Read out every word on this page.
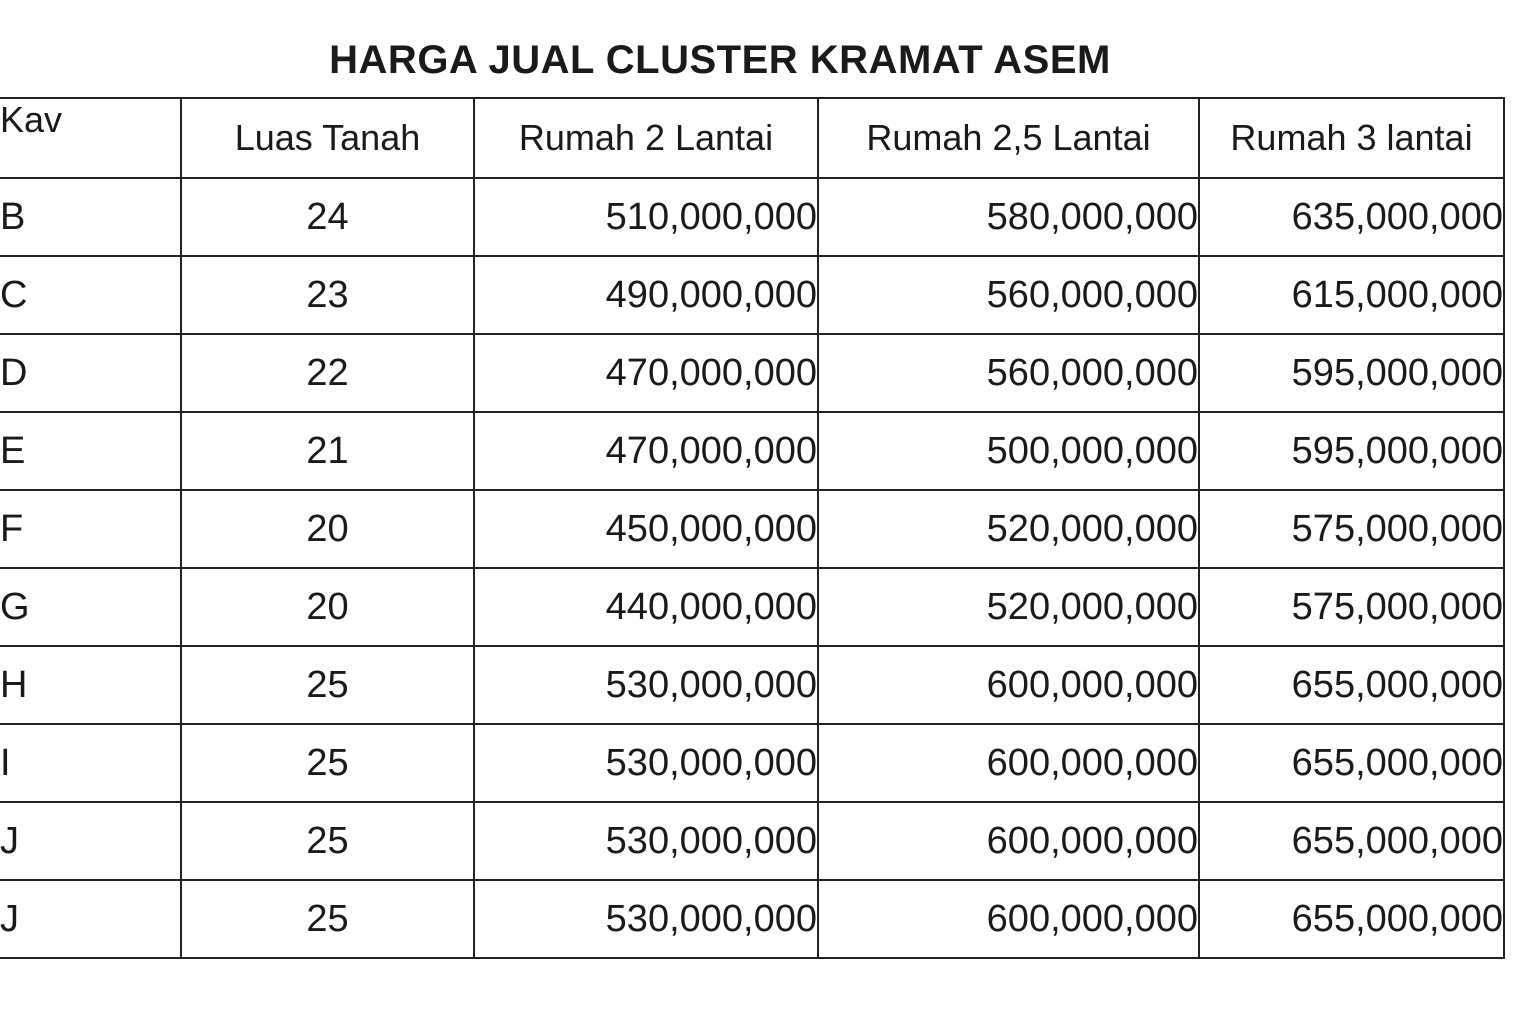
HARGA JUAL CLUSTER KRAMAT ASEM
Kav	Luas Tanah	Rumah 2 Lantai	Rumah 2,5 Lantai	Rumah 3 lantai
B	24	510,000,000	580,000,000	635,000,000
C	23	490,000,000	560,000,000	615,000,000
D	22	470,000,000	560,000,000	595,000,000
E	21	470,000,000	500,000,000	595,000,000
F	20	450,000,000	520,000,000	575,000,000
G	20	440,000,000	520,000,000	575,000,000
H	25	530,000,000	600,000,000	655,000,000
I	25	530,000,000	600,000,000	655,000,000
J	25	530,000,000	600,000,000	655,000,000
J	25	530,000,000	600,000,000	655,000,000
